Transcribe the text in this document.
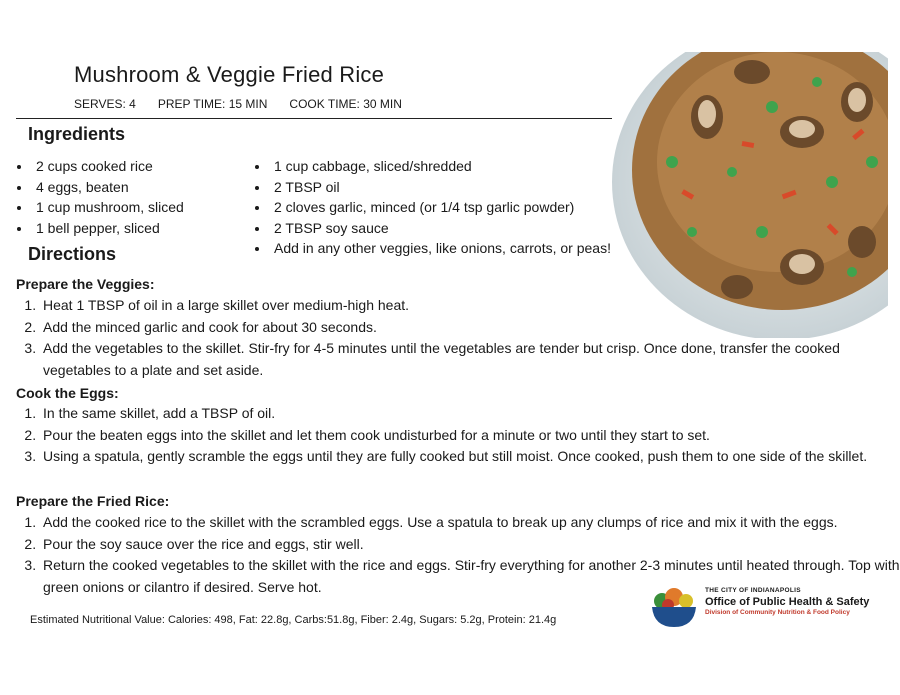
Mushroom & Veggie Fried Rice
SERVES: 4 PREP TIME: 15 MIN COOK TIME: 30 MIN
Ingredients
• 2 cups cooked rice
• 4 eggs, beaten
• 1 cup mushroom, sliced
• 1 bell pepper, sliced
• 1 cup cabbage, sliced/shredded
• 2 TBSP oil
• 2 cloves garlic, minced (or 1/4 tsp garlic powder)
• 2 TBSP soy sauce
• Add in any other veggies, like onions, carrots, or peas!
Directions
Prepare the Veggies:
1. Heat 1 TBSP of oil in a large skillet over medium-high heat.
2. Add the minced garlic and cook for about 30 seconds.
3. Add the vegetables to the skillet. Stir-fry for 4-5 minutes until the vegetables are tender but crisp. Once done, transfer the cooked vegetables to a plate and set aside.
Cook the Eggs:
1. In the same skillet, add a TBSP of oil.
2. Pour the beaten eggs into the skillet and let them cook undisturbed for a minute or two until they start to set.
3. Using a spatula, gently scramble the eggs until they are fully cooked but still moist. Once cooked, push them to one side of the skillet.
Prepare the Fried Rice:
1. Add the cooked rice to the skillet with the scrambled eggs. Use a spatula to break up any clumps of rice and mix it with the eggs.
2. Pour the soy sauce over the rice and eggs, stir well.
3. Return the cooked vegetables to the skillet with the rice and eggs. Stir-fry everything for another 2-3 minutes until heated through. Top with green onions or cilantro if desired. Serve hot.
Estimated Nutritional Value: Calories: 498, Fat: 22.8g, Carbs:51.8g, Fiber: 2.4g, Sugars: 5.2g, Protein: 21.4g
THE CITY OF INDIANAPOLIS
Office of Public Health & Safety
Division of Community Nutrition & Food Policy
